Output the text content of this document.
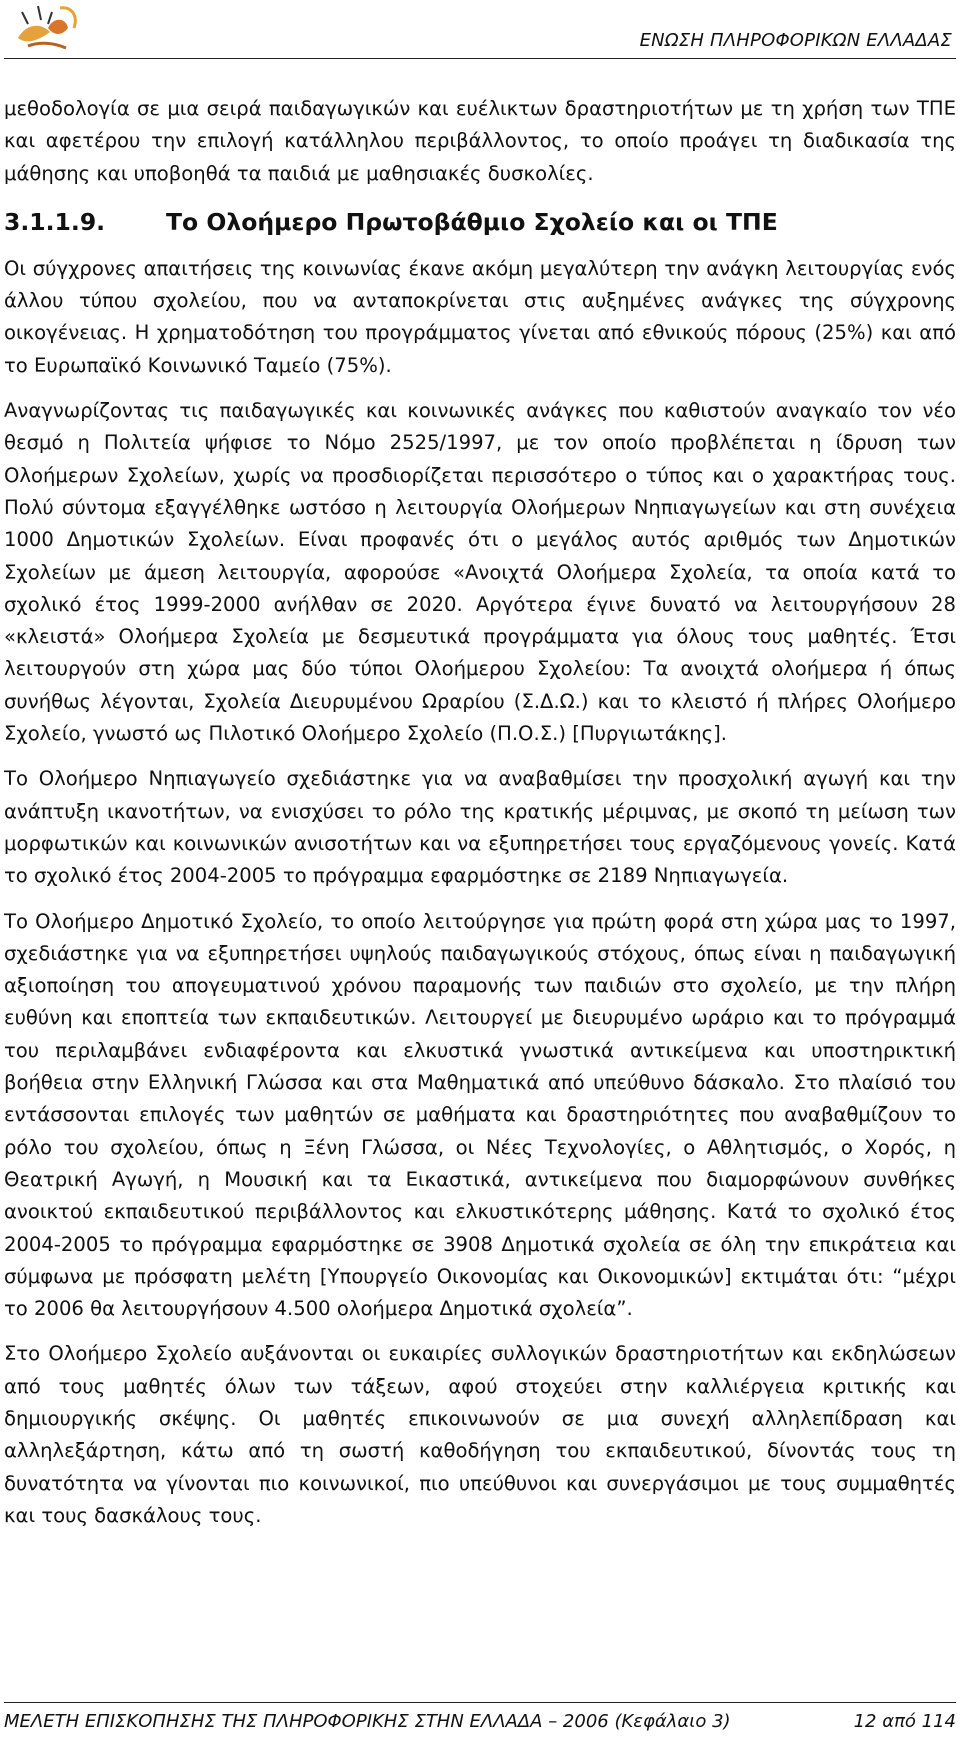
ΕΝΩΣΗ ΠΛΗΡΟΦΟΡΙΚΩΝ ΕΛΛΑΔΑΣ

μεθοδολογία σε μια σειρά παιδαγωγικών και ευέλικτων δραστηριοτήτων με τη χρήση των ΤΠΕ και αφετέρου την επιλογή κατάλληλου περιβάλλοντος, το οποίο προάγει τη διαδικασία της μάθησης και υποβοηθά τα παιδιά με μαθησιακές δυσκολίες.

3.1.1.9.	Το Ολοήμερο Πρωτοβάθμιο Σχολείο και οι ΤΠΕ

Οι σύγχρονες απαιτήσεις της κοινωνίας έκανε ακόμη μεγαλύτερη την ανάγκη λειτουργίας ενός άλλου τύπου σχολείου, που να ανταποκρίνεται στις αυξημένες ανάγκες της σύγχρονης οικογένειας. Η χρηματοδότηση του προγράμματος γίνεται από εθνικούς πόρους (25%) και από το Ευρωπαϊκό Κοινωνικό Ταμείο (75%).

Αναγνωρίζοντας τις παιδαγωγικές και κοινωνικές ανάγκες που καθιστούν αναγκαίο τον νέο θεσμό η Πολιτεία ψήφισε το Νόμο 2525/1997, με τον οποίο προβλέπεται η ίδρυση των Ολοήμερων Σχολείων, χωρίς να προσδιορίζεται περισσότερο ο τύπος και ο χαρακτήρας τους. Πολύ σύντομα εξαγγέλθηκε ωστόσο η λειτουργία Ολοήμερων Νηπιαγωγείων και στη συνέχεια 1000 Δημοτικών Σχολείων. Είναι προφανές ότι ο μεγάλος αυτός αριθμός των Δημοτικών Σχολείων με άμεση λειτουργία, αφορούσε «Ανοιχτά Ολοήμερα Σχολεία, τα οποία κατά το σχολικό έτος 1999-2000 ανήλθαν σε 2020. Αργότερα έγινε δυνατό να λειτουργήσουν 28 «κλειστά» Ολοήμερα Σχολεία με δεσμευτικά προγράμματα για όλους τους μαθητές. Έτσι λειτουργούν στη χώρα μας δύο τύποι Ολοήμερου Σχολείου: Τα ανοιχτά ολοήμερα ή όπως συνήθως λέγονται, Σχολεία Διευρυμένου Ωραρίου (Σ.Δ.Ω.) και το κλειστό ή πλήρες Ολοήμερο Σχολείο, γνωστό ως Πιλοτικό Ολοήμερο Σχολείο (Π.Ο.Σ.) [Πυργιωτάκης].

Το Ολοήμερο Νηπιαγωγείο σχεδιάστηκε για να αναβαθμίσει την προσχολική αγωγή και την ανάπτυξη ικανοτήτων, να ενισχύσει το ρόλο της κρατικής μέριμνας, με σκοπό τη μείωση των μορφωτικών και κοινωνικών ανισοτήτων και να εξυπηρετήσει τους εργαζόμενους γονείς. Κατά το σχολικό έτος 2004-2005 το πρόγραμμα εφαρμόστηκε σε 2189 Νηπιαγωγεία.

Το Ολοήμερο Δημοτικό Σχολείο, το οποίο λειτούργησε για πρώτη φορά στη χώρα μας το 1997, σχεδιάστηκε για να εξυπηρετήσει υψηλούς παιδαγωγικούς στόχους, όπως είναι η παιδαγωγική αξιοποίηση του απογευματινού χρόνου παραμονής των παιδιών στο σχολείο, με την πλήρη ευθύνη και εποπτεία των εκπαιδευτικών. Λειτουργεί με διευρυμένο ωράριο και το πρόγραμμά του περιλαμβάνει ενδιαφέροντα και ελκυστικά γνωστικά αντικείμενα και υποστηρικτική βοήθεια στην Ελληνική Γλώσσα και στα Μαθηματικά από υπεύθυνο δάσκαλο. Στο πλαίσιό του εντάσσονται επιλογές των μαθητών σε μαθήματα και δραστηριότητες που αναβαθμίζουν το ρόλο του σχολείου, όπως η Ξένη Γλώσσα, οι Νέες Τεχνολογίες, ο Αθλητισμός, ο Χορός, η Θεατρική Αγωγή, η Μουσική και τα Εικαστικά, αντικείμενα που διαμορφώνουν συνθήκες ανοικτού εκπαιδευτικού περιβάλλοντος και ελκυστικότερης μάθησης. Κατά το σχολικό έτος 2004-2005 το πρόγραμμα εφαρμόστηκε σε 3908 Δημοτικά σχολεία σε όλη την επικράτεια και σύμφωνα με πρόσφατη μελέτη [Υπουργείο Οικονομίας και Οικονομικών] εκτιμάται ότι: “μέχρι το 2006 θα λειτουργήσουν 4.500 ολοήμερα Δημοτικά σχολεία”.

Στο Ολοήμερο Σχολείο αυξάνονται οι ευκαιρίες συλλογικών δραστηριοτήτων και εκδηλώσεων από τους μαθητές όλων των τάξεων, αφού στοχεύει στην καλλιέργεια κριτικής και δημιουργικής σκέψης. Οι μαθητές επικοινωνούν σε μια συνεχή αλληλεπίδραση και αλληλεξάρτηση, κάτω από τη σωστή καθοδήγηση του εκπαιδευτικού, δίνοντάς τους τη δυνατότητα να γίνονται πιο κοινωνικοί, πιο υπεύθυνοι και συνεργάσιμοι με τους συμμαθητές και τους δασκάλους τους.

ΜΕΛΕΤΗ ΕΠΙΣΚΟΠΗΣΗΣ ΤΗΣ ΠΛΗΡΟΦΟΡΙΚΗΣ ΣΤΗΝ ΕΛΛΑΔΑ – 2006 (Κεφάλαιο 3)	12 από 114
